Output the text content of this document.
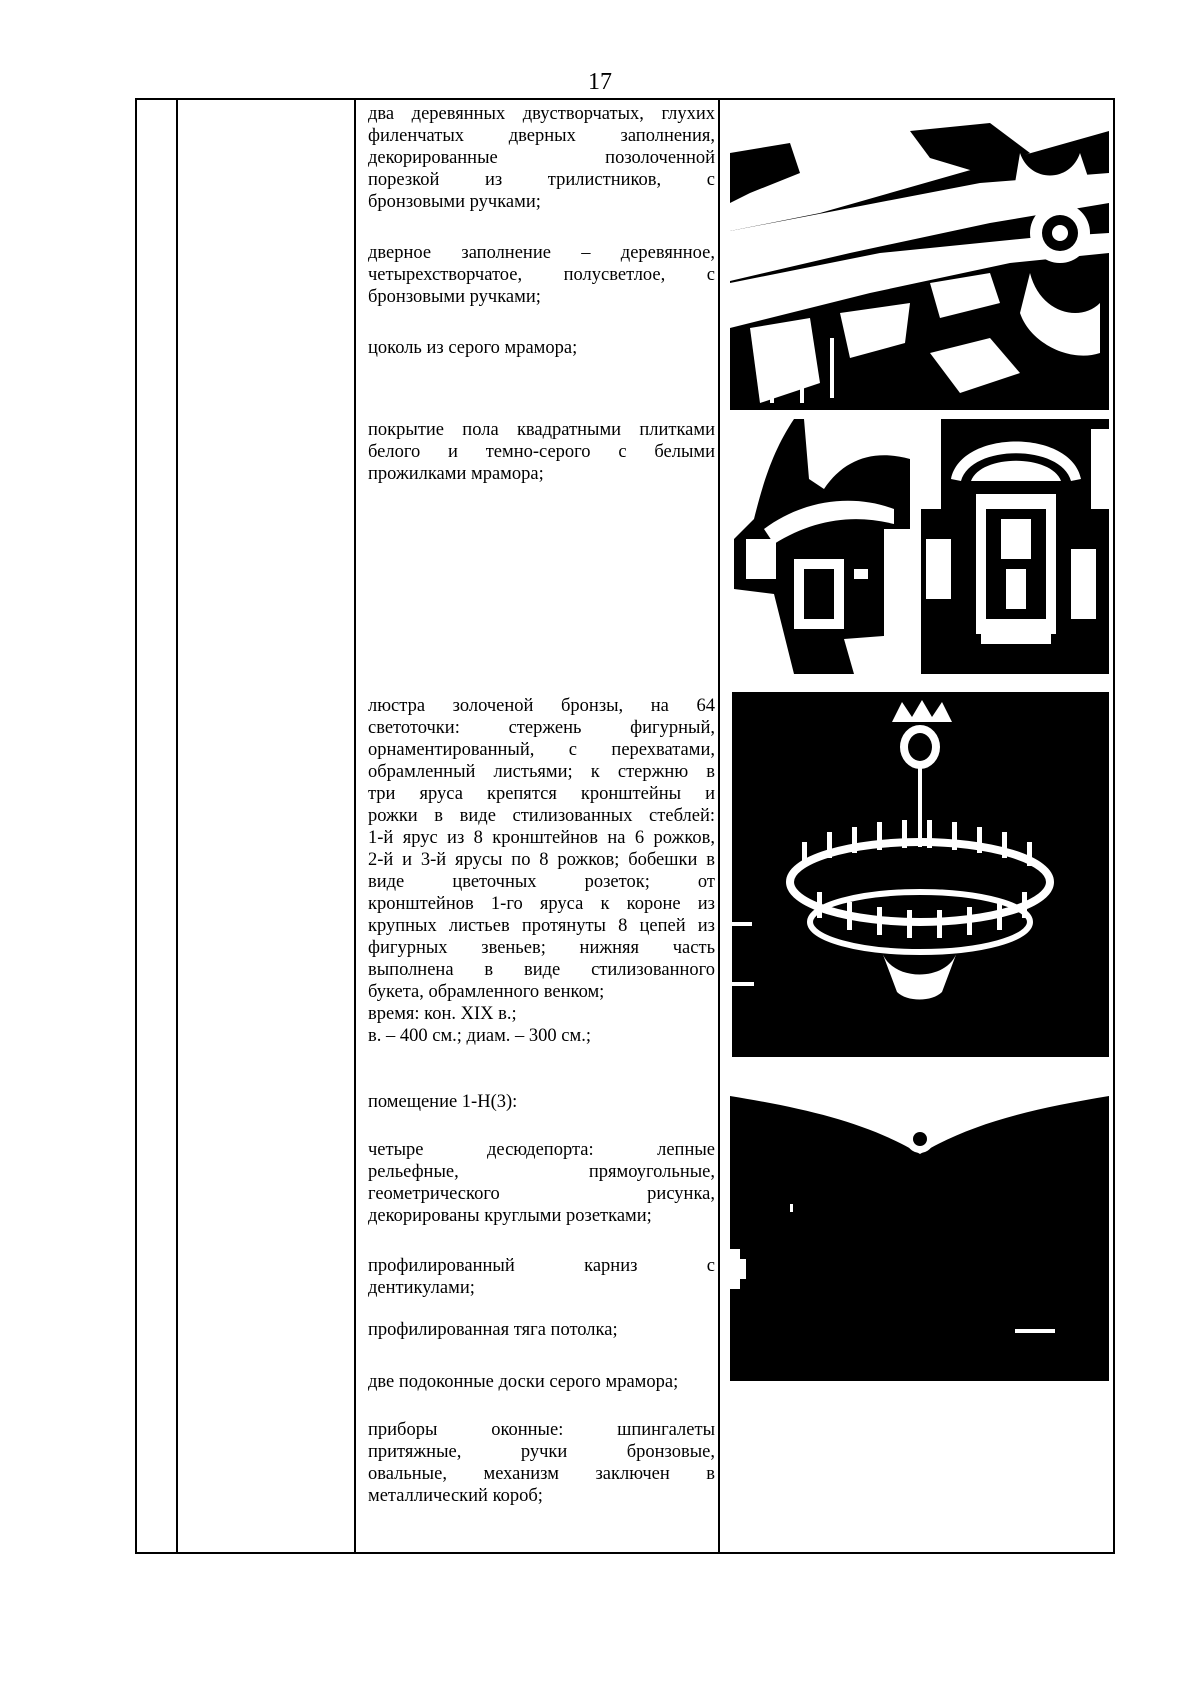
17

два деревянных двустворчатых, глухих

филенчатых дверных заполнения,

декорированные позолоченной

порезкой из трилистников, с

бронзовыми ручками;

дверное заполнение – деревянное,

четырехстворчатое, полусветлое, с

бронзовыми ручками;

цоколь из серого мрамора;

покрытие пола квадратными плитками

белого и темно-серого с белыми

прожилками мрамора;

люстра золоченой бронзы, на 64

светоточки: стержень фигурный,

орнаментированный, с перехватами,

обрамленный листьями; к стержню в

три яруса крепятся кронштейны и

рожки в виде стилизованных стеблей:

1-й ярус из 8 кронштейнов на 6 рожков,

2-й и 3-й ярусы по 8 рожков; бобешки в

виде цветочных розеток; от

кронштейнов 1-го яруса к короне из

крупных листьев протянуты 8 цепей из

фигурных звеньев; нижняя часть

выполнена в виде стилизованного

букета, обрамленного венком;

время: кон. XIX в.;

в. – 400 см.; диам. – 300 см.;

помещение 1-Н(3):

четыре десюдепорта: лепные

рельефные, прямоугольные,

геометрического рисунка,

декорированы круглыми розетками;

профилированный карниз с

дентикулами;

профилированная тяга потолка;

две подоконные доски серого мрамора;

приборы оконные: шпингалеты

притяжные, ручки бронзовые,

овальные, механизм заключен в

металлический короб;
